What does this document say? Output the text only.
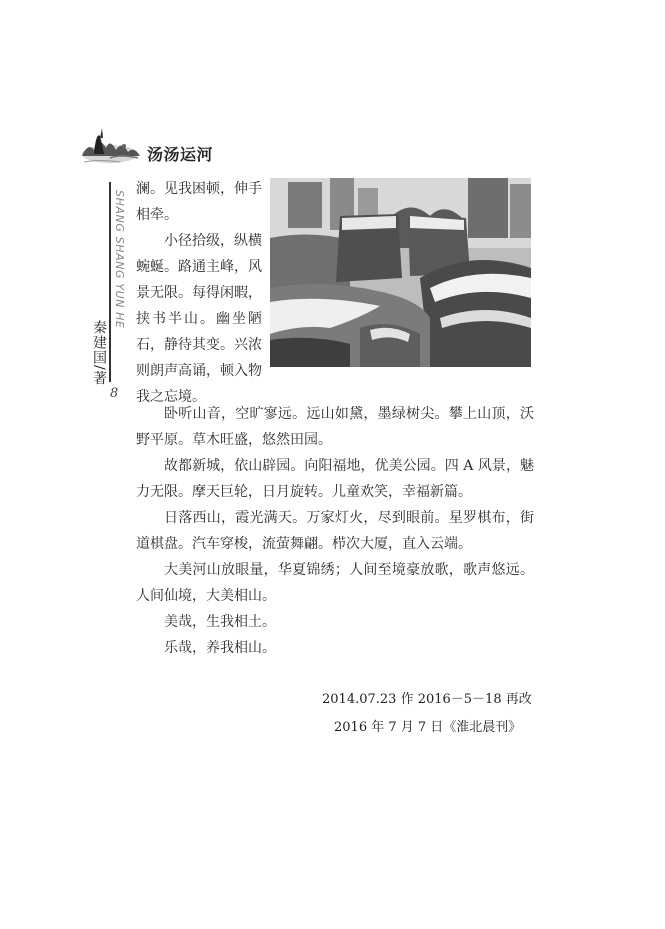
汤汤运河
SHANG SHANG YUN HE
秦建国/著
8

澜。见我困顿，伸手相牵。

小径拾级，纵横蜿蜒。路通主峰，风景无限。每得闲暇，挟书半山。幽坐陋石，静待其变。兴浓则朗声高诵，顿入物我之忘境。

卧听山音，空旷寥远。远山如黛，墨绿树尖。攀上山顶，沃野平原。草木旺盛，悠然田园。

故都新城，依山辟园。向阳福地，优美公园。四 A 风景，魅力无限。摩天巨轮，日月旋转。儿童欢笑，幸福新篇。

日落西山，霞光满天。万家灯火，尽到眼前。星罗棋布，街道棋盘。汽车穿梭，流萤舞翩。栉次大厦，直入云端。

大美河山放眼量，华夏锦绣；人间至境豪放歌，歌声悠远。人间仙境，大美相山。

美哉，生我相土。

乐哉，养我相山。

2014.07.23 作 2016－5－18 再改
2016 年 7 月 7 日《淮北晨刊》
